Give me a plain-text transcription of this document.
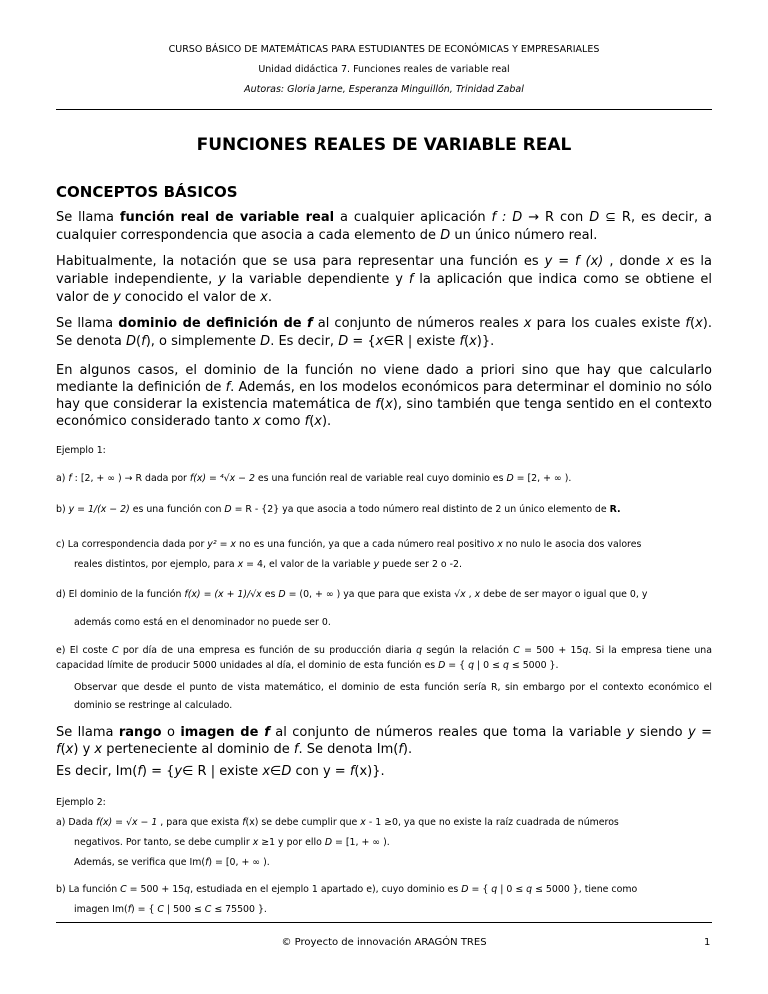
CURSO BÁSICO DE MATEMÁTICAS PARA ESTUDIANTES DE ECONÓMICAS Y EMPRESARIALES
Unidad didáctica 7. Funciones reales de variable real
Autoras: Gloria Jarne, Esperanza Minguillón, Trinidad Zabal
FUNCIONES REALES DE VARIABLE REAL
CONCEPTOS BÁSICOS
Se llama función real de variable real a cualquier aplicación f : D → R con D ⊆ R, es decir, a cualquier correspondencia que asocia a cada elemento de D un único número real.
Habitualmente, la notación que se usa para representar una función es y = f (x) , donde x es la variable independiente, y la variable dependiente y f la aplicación que indica como se obtiene el valor de y conocido el valor de x.
Se llama dominio de definición de f al conjunto de números reales x para los cuales existe f(x). Se denota D(f), o simplemente D. Es decir, D = {x∈R | existe f(x)}.
En algunos casos, el dominio de la función no viene dado a priori sino que hay que calcularlo mediante la definición de f. Además, en los modelos económicos para determinar el dominio no sólo hay que considerar la existencia matemática de f(x), sino también que tenga sentido en el contexto económico considerado tanto x como f(x).
Ejemplo 1:
a) f : [2, + ∞ ) → R dada por f(x) = ⁴√x − 2 es una función real de variable real cuyo dominio es D = [2, + ∞ ).
b) y = 1/(x − 2) es una función con D = R - {2} ya que asocia a todo número real distinto de 2 un único elemento de R.
c) La correspondencia dada por y² = x no es una función, ya que a cada número real positivo x no nulo le asocia dos valores
reales distintos, por ejemplo, para x = 4, el valor de la variable y puede ser 2 o -2.
d) El dominio de la función f(x) = (x + 1)/√x es D = (0, + ∞ ) ya que para que exista √x , x debe de ser mayor o igual que 0, y
además como está en el denominador no puede ser 0.
e) El coste C por día de una empresa es función de su producción diaria q según la relación C = 500 + 15q. Si la empresa tiene una capacidad límite de producir 5000 unidades al día, el dominio de esta función es D = { q | 0 ≤ q ≤ 5000 }.
Observar que desde el punto de vista matemático, el dominio de esta función sería R, sin embargo por el contexto económico el dominio se restringe al calculado.
Se llama rango o imagen de f al conjunto de números reales que toma la variable y siendo y = f(x) y x perteneciente al dominio de f. Se denota Im(f).
Es decir, Im(f) = {y∈ R | existe x∈D con y = f(x)}.
Ejemplo 2:
a) Dada f(x) = √x − 1 , para que exista f(x) se debe cumplir que x - 1 ≥0, ya que no existe la raíz cuadrada de números
negativos. Por tanto, se debe cumplir x ≥1 y por ello D = [1, + ∞ ).
Además, se verifica que Im(f) = [0, + ∞ ).
b) La función C = 500 + 15q, estudiada en el ejemplo 1 apartado e), cuyo dominio es D = { q | 0 ≤ q ≤ 5000 }, tiene como
imagen Im(f) = { C | 500 ≤ C ≤ 75500 }.
© Proyecto de innovación ARAGÓN TRES	1
